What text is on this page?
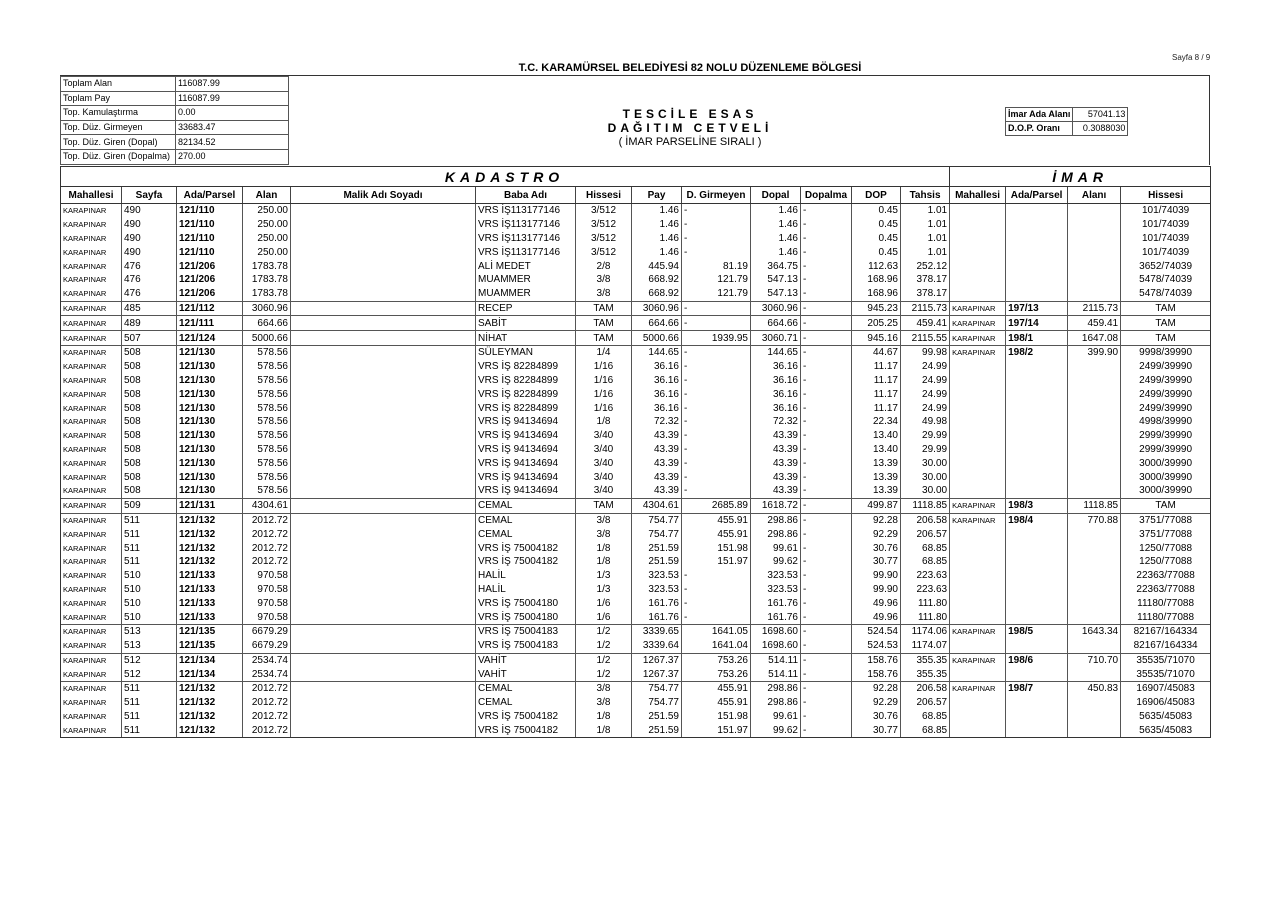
Sayfa 8 / 9
T.C. KARAMÜRSEL BELEDİYESİ 82 NOLU DÜZENLEME BÖLGESİ
Toplam Alan	116087.99
Toplam Pay	116087.99
Top. Kamulaştırma	0.00
Top. Düz. Girmeyen	33683.47
Top. Düz. Giren (Dopal)	82134.52
Top. Düz. Giren (Dopalma)	270.00
TESCİLE ESAS
DAĞITIM CETVELİ
( İMAR PARSELİNE SIRALI )
İmar Ada Alanı	57041.13
D.O.P. Oranı	0.3088030
KADASTRO													İMAR			
Mahallesi	Sayfa	Ada/Parsel	Alan	Malik Adı Soyadı	Baba Adı	Hissesi	Pay	D. Girmeyen	Dopal	Dopalma	DOP	Tahsis	Mahallesi	Ada/Parsel	Alanı	Hissesi
KARAPINAR	490	121/110	250.00		VRS İŞ113177146	3/512	1.46	-	1.46	-	0.45	1.01				101/74039
KARAPINAR	490	121/110	250.00		VRS İŞ113177146	3/512	1.46	-	1.46	-	0.45	1.01				101/74039
KARAPINAR	490	121/110	250.00		VRS İŞ113177146	3/512	1.46	-	1.46	-	0.45	1.01				101/74039
KARAPINAR	490	121/110	250.00		VRS İŞ113177146	3/512	1.46	-	1.46	-	0.45	1.01				101/74039
KARAPINAR	476	121/206	1783.78		ALİ MEDET	2/8	445.94	81.19	364.75	-	112.63	252.12				3652/74039
KARAPINAR	476	121/206	1783.78		MUAMMER	3/8	668.92	121.79	547.13	-	168.96	378.17				5478/74039
KARAPINAR	476	121/206	1783.78		MUAMMER	3/8	668.92	121.79	547.13	-	168.96	378.17				5478/74039
KARAPINAR	485	121/112	3060.96		RECEP	TAM	3060.96	-	3060.96	-	945.23	2115.73	KARAPINAR	197/13	2115.73	TAM
KARAPINAR	489	121/111	664.66		SABİT	TAM	664.66	-	664.66	-	205.25	459.41	KARAPINAR	197/14	459.41	TAM
KARAPINAR	507	121/124	5000.66		NİHAT	TAM	5000.66	1939.95	3060.71	-	945.16	2115.55	KARAPINAR	198/1	1647.08	TAM
KARAPINAR	508	121/130	578.56		SÜLEYMAN	1/4	144.65	-	144.65	-	44.67	99.98	KARAPINAR	198/2	399.90	9998/39990
KARAPINAR	508	121/130	578.56		VRS İŞ 82284899	1/16	36.16	-	36.16	-	11.17	24.99				2499/39990
KARAPINAR	508	121/130	578.56		VRS İŞ 82284899	1/16	36.16	-	36.16	-	11.17	24.99				2499/39990
KARAPINAR	508	121/130	578.56		VRS İŞ 82284899	1/16	36.16	-	36.16	-	11.17	24.99				2499/39990
KARAPINAR	508	121/130	578.56		VRS İŞ 82284899	1/16	36.16	-	36.16	-	11.17	24.99				2499/39990
KARAPINAR	508	121/130	578.56		VRS İŞ 94134694	1/8	72.32	-	72.32	-	22.34	49.98				4998/39990
KARAPINAR	508	121/130	578.56		VRS İŞ 94134694	3/40	43.39	-	43.39	-	13.40	29.99				2999/39990
KARAPINAR	508	121/130	578.56		VRS İŞ 94134694	3/40	43.39	-	43.39	-	13.40	29.99				2999/39990
KARAPINAR	508	121/130	578.56		VRS İŞ 94134694	3/40	43.39	-	43.39	-	13.39	30.00				3000/39990
KARAPINAR	508	121/130	578.56		VRS İŞ 94134694	3/40	43.39	-	43.39	-	13.39	30.00				3000/39990
KARAPINAR	508	121/130	578.56		VRS İŞ 94134694	3/40	43.39	-	43.39	-	13.39	30.00				3000/39990
KARAPINAR	509	121/131	4304.61		CEMAL	TAM	4304.61	2685.89	1618.72	-	499.87	1118.85	KARAPINAR	198/3	1118.85	TAM
KARAPINAR	511	121/132	2012.72		CEMAL	3/8	754.77	455.91	298.86	-	92.28	206.58	KARAPINAR	198/4	770.88	3751/77088
KARAPINAR	511	121/132	2012.72		CEMAL	3/8	754.77	455.91	298.86	-	92.29	206.57				3751/77088
KARAPINAR	511	121/132	2012.72		VRS İŞ 75004182	1/8	251.59	151.98	99.61	-	30.76	68.85				1250/77088
KARAPINAR	511	121/132	2012.72		VRS İŞ 75004182	1/8	251.59	151.97	99.62	-	30.77	68.85				1250/77088
KARAPINAR	510	121/133	970.58		HALİL	1/3	323.53	-	323.53	-	99.90	223.63				22363/77088
KARAPINAR	510	121/133	970.58		HALİL	1/3	323.53	-	323.53	-	99.90	223.63				22363/77088
KARAPINAR	510	121/133	970.58		VRS İŞ 75004180	1/6	161.76	-	161.76	-	49.96	111.80				11180/77088
KARAPINAR	510	121/133	970.58		VRS İŞ 75004180	1/6	161.76	-	161.76	-	49.96	111.80				11180/77088
KARAPINAR	513	121/135	6679.29		VRS İŞ 75004183	1/2	3339.65	1641.05	1698.60	-	524.54	1174.06	KARAPINAR	198/5	1643.34	82167/164334
KARAPINAR	513	121/135	6679.29		VRS İŞ 75004183	1/2	3339.64	1641.04	1698.60	-	524.53	1174.07				82167/164334
KARAPINAR	512	121/134	2534.74		VAHİT	1/2	1267.37	753.26	514.11	-	158.76	355.35	KARAPINAR	198/6	710.70	35535/71070
KARAPINAR	512	121/134	2534.74		VAHİT	1/2	1267.37	753.26	514.11	-	158.76	355.35				35535/71070
KARAPINAR	511	121/132	2012.72		CEMAL	3/8	754.77	455.91	298.86	-	92.28	206.58	KARAPINAR	198/7	450.83	16907/45083
KARAPINAR	511	121/132	2012.72		CEMAL	3/8	754.77	455.91	298.86	-	92.29	206.57				16906/45083
KARAPINAR	511	121/132	2012.72		VRS İŞ 75004182	1/8	251.59	151.98	99.61	-	30.76	68.85				5635/45083
KARAPINAR	511	121/132	2012.72		VRS İŞ 75004182	1/8	251.59	151.97	99.62	-	30.77	68.85				5635/45083
